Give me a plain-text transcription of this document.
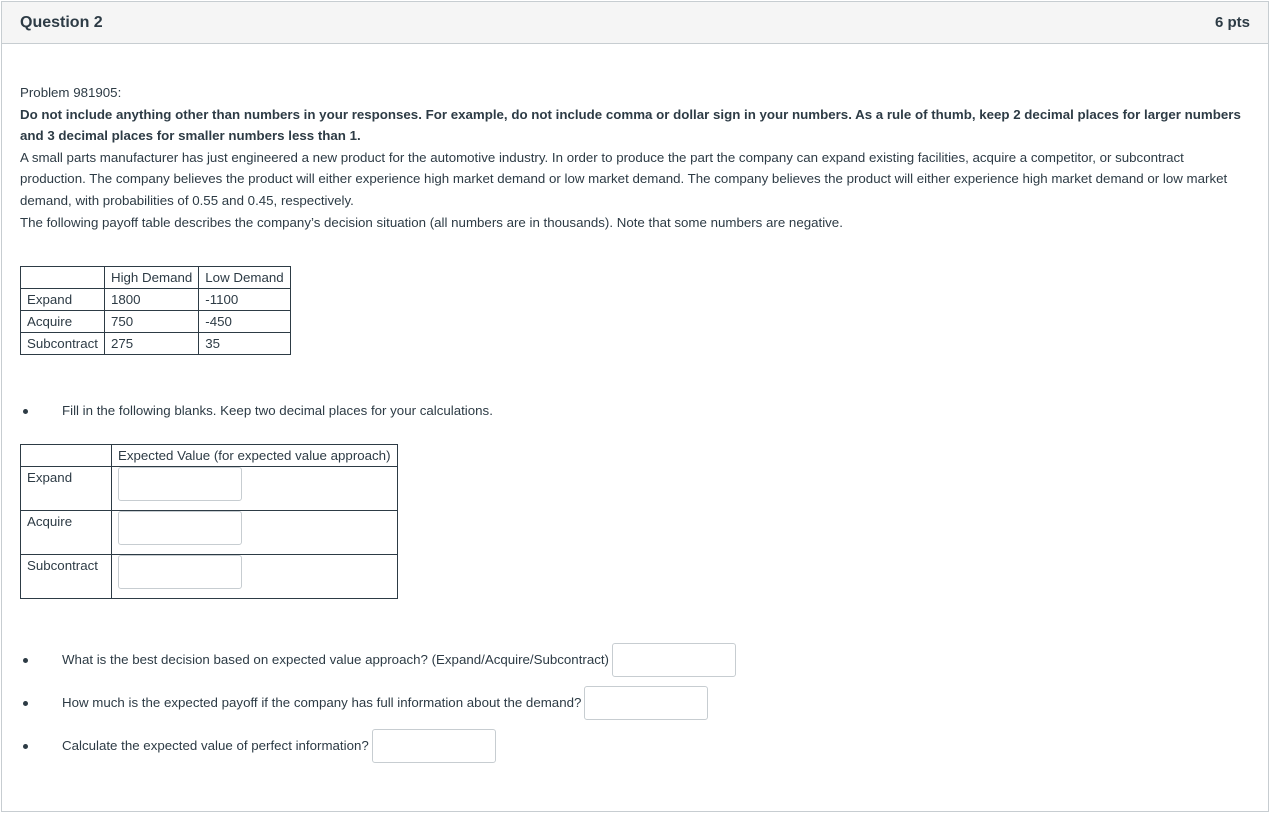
Question 2	6 pts

Problem 981905:

Do not include anything other than numbers in your responses. For example, do not include comma or dollar sign in your numbers. As a rule of thumb, keep 2 decimal places for larger numbers and 3 decimal places for smaller numbers less than 1.

A small parts manufacturer has just engineered a new product for the automotive industry. In order to produce the part the company can expand existing facilities, acquire a competitor, or subcontract production. The company believes the product will either experience high market demand or low market demand. The company believes the product will either experience high market demand or low market demand, with probabilities of 0.55 and 0.45, respectively.

The following payoff table describes the company’s decision situation (all numbers are in thousands). Note that some numbers are negative.

	High Demand	Low Demand
Expand	1800	-1100
Acquire	750	-450
Subcontract	275	35
Fill in the following blanks. Keep two decimal places for your calculations.
	Expected Value (for expected value approach)
Expand	

Acquire	

Subcontract	
What is the best decision based on expected value approach? (Expand/Acquire/Subcontract)
How much is the expected payoff if the company has full information about the demand?
Calculate the expected value of perfect information?
